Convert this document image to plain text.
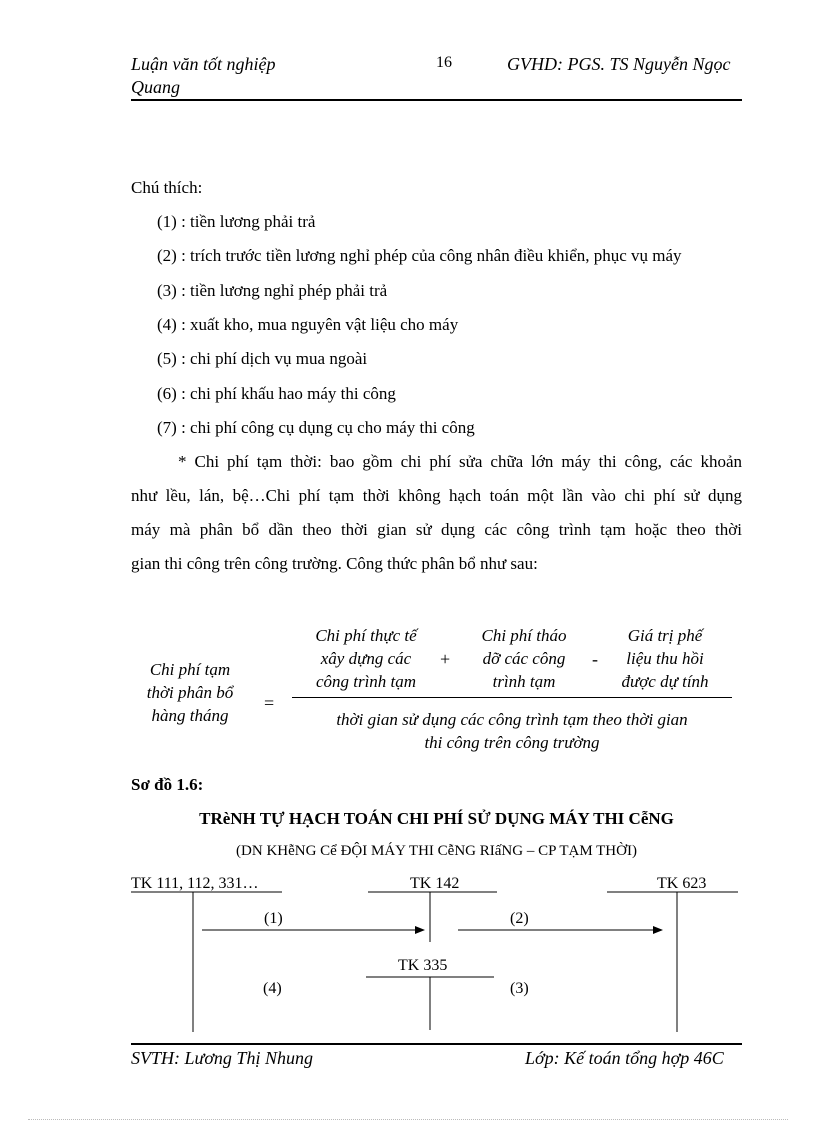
Luận văn tốt nghiệp
Quang
16	GVHD: PGS. TS Nguyễn Ngọc
Chú thích:
(1) : tiền lương phải trả
(2) : trích trước tiền lương nghỉ phép của công nhân điều khiển, phục vụ máy
(3) : tiền lương nghỉ phép phải trả
(4) : xuất kho, mua nguyên vật liệu cho máy
(5) : chi phí dịch vụ mua ngoài
(6) : chi phí khấu hao máy thi công
(7) : chi phí công cụ dụng cụ cho máy thi công
* Chi phí tạm thời: bao gồm chi phí sửa chữa lớn máy thi công, các khoản
như lều, lán, bệ…Chi phí tạm thời không hạch toán một lần vào chi phí sử dụng
máy mà phân bổ dần theo thời gian sử dụng các công trình tạm hoặc theo thời
gian thi công trên công trường. Công thức phân bổ như sau:
Chi phí tạm
thời phân bổ
hàng tháng
=
Chi phí thực tế
xây dựng các
công trình tạm
+
Chi phí tháo
dỡ các công
trình tạm
-
Giá trị phế
liệu thu hồi
được dự tính
thời gian sử dụng các công trình tạm theo thời gian
thi công trên công trường
Sơ đồ 1.6:
TRèNH TỰ HẠCH TOÁN CHI PHÍ SỬ DỤNG MÁY THI CễNG
(DN KHễNG Cể ĐỘI MÁY THI CễNG RIấNG – CP TẠM THỜI)
TK 111, 112, 331…	TK 142	TK 623
TK 335
(1)	(2)
(4)	(3)
SVTH: Lương Thị Nhung	Lớp: Kế toán tổng hợp 46C
